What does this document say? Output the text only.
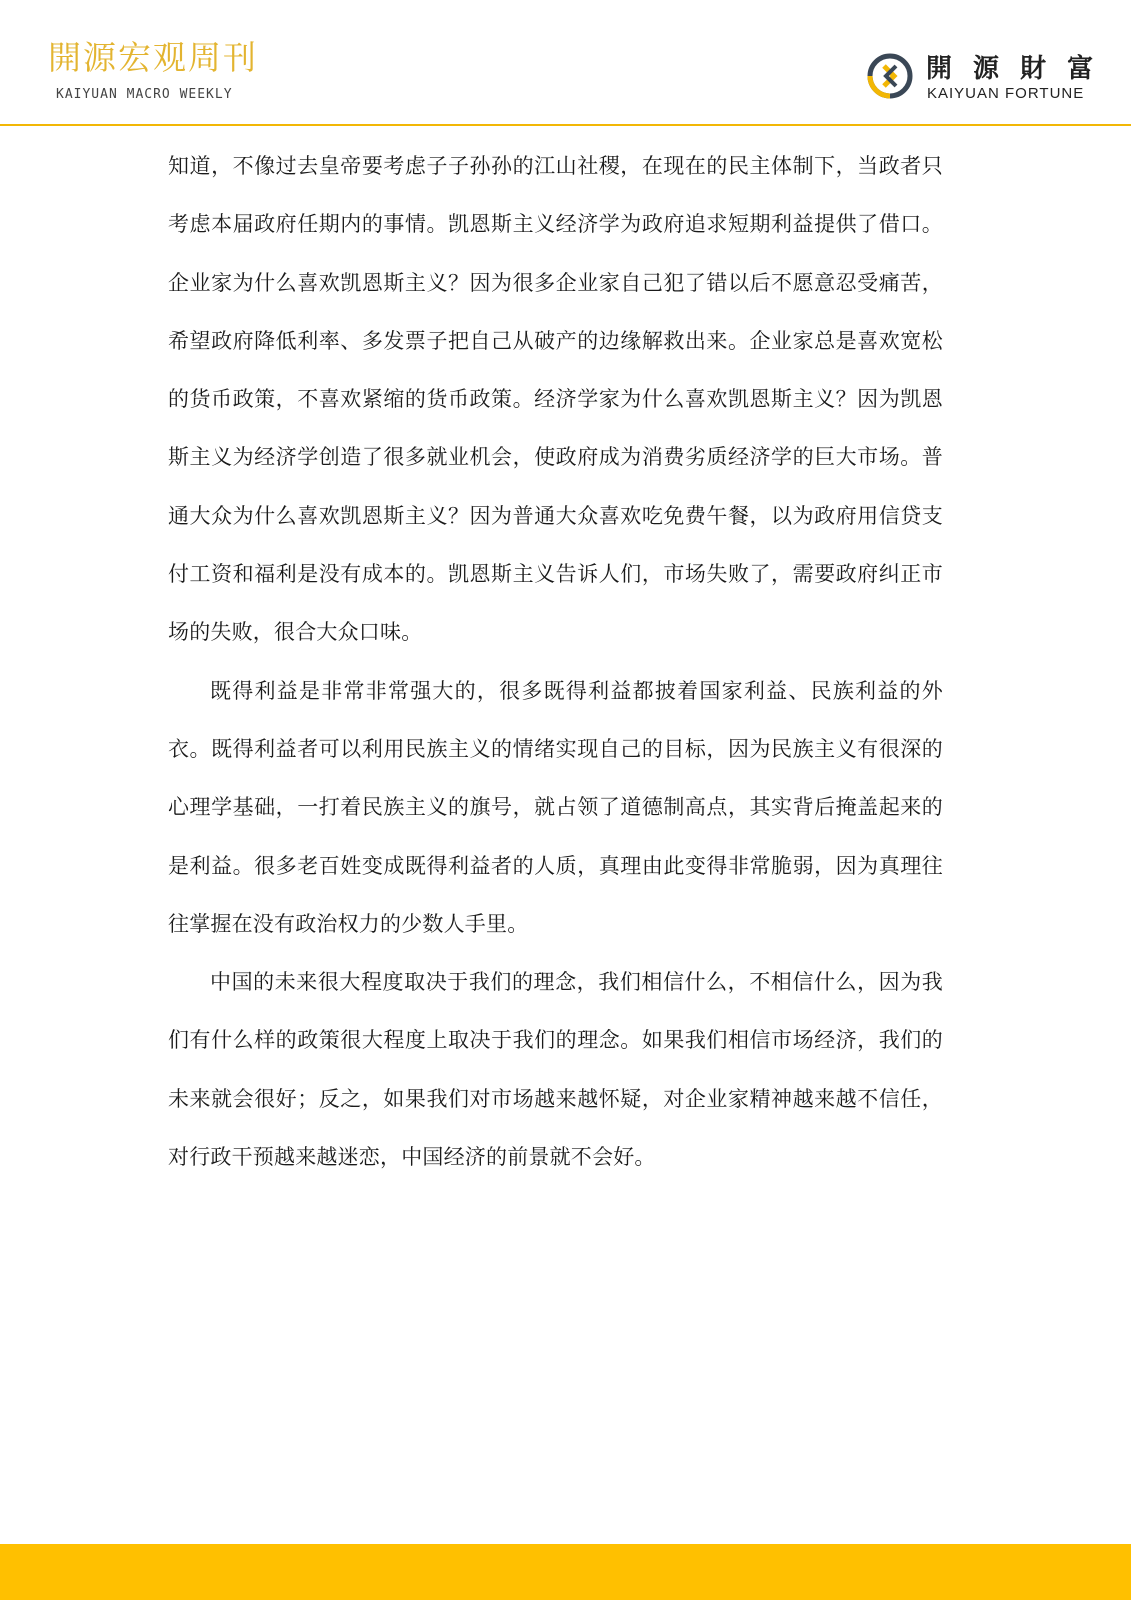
開源宏观周刊
KAIYUAN MACRO WEEKLY
開 源 財 富
KAIYUAN FORTUNE

知道，不像过去皇帝要考虑子子孙孙的江山社稷，在现在的民主体制下，当政者只考虑本届政府任期内的事情。凯恩斯主义经济学为政府追求短期利益提供了借口。企业家为什么喜欢凯恩斯主义？因为很多企业家自己犯了错以后不愿意忍受痛苦，希望政府降低利率、多发票子把自己从破产的边缘解救出来。企业家总是喜欢宽松的货币政策，不喜欢紧缩的货币政策。经济学家为什么喜欢凯恩斯主义？因为凯恩斯主义为经济学创造了很多就业机会，使政府成为消费劣质经济学的巨大市场。普通大众为什么喜欢凯恩斯主义？因为普通大众喜欢吃免费午餐，以为政府用信贷支付工资和福利是没有成本的。凯恩斯主义告诉人们，市场失败了，需要政府纠正市场的失败，很合大众口味。

既得利益是非常非常强大的，很多既得利益都披着国家利益、民族利益的外衣。既得利益者可以利用民族主义的情绪实现自己的目标，因为民族主义有很深的心理学基础，一打着民族主义的旗号，就占领了道德制高点，其实背后掩盖起来的是利益。很多老百姓变成既得利益者的人质，真理由此变得非常脆弱，因为真理往往掌握在没有政治权力的少数人手里。

中国的未来很大程度取决于我们的理念，我们相信什么，不相信什么，因为我们有什么样的政策很大程度上取决于我们的理念。如果我们相信市场经济，我们的未来就会很好；反之，如果我们对市场越来越怀疑，对企业家精神越来越不信任，对行政干预越来越迷恋，中国经济的前景就不会好。
